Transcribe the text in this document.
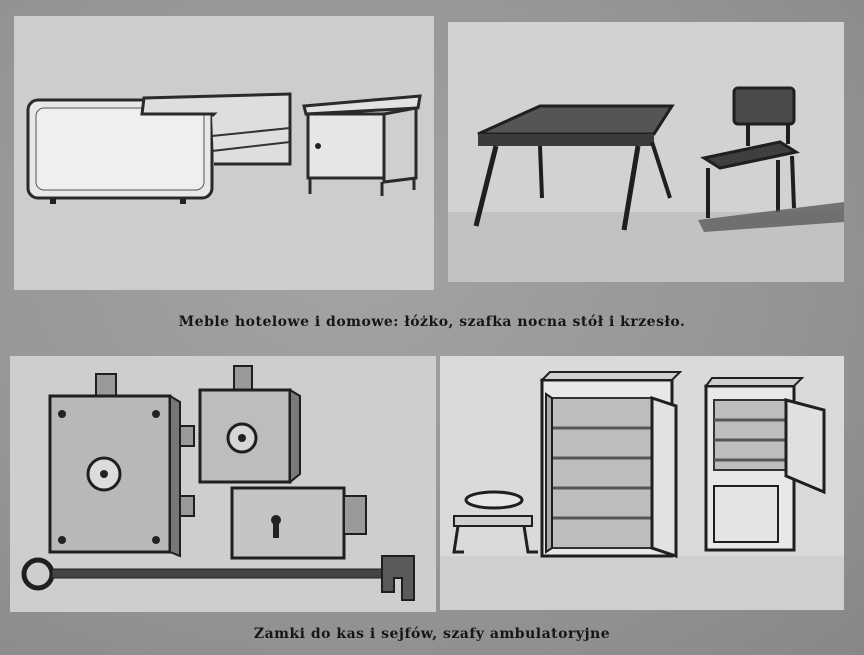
Meble hotelowe i domowe: łóżko, szafka nocna stół i krzesło.
Zamki do kas i sejfów, szafy ambulatoryjne
